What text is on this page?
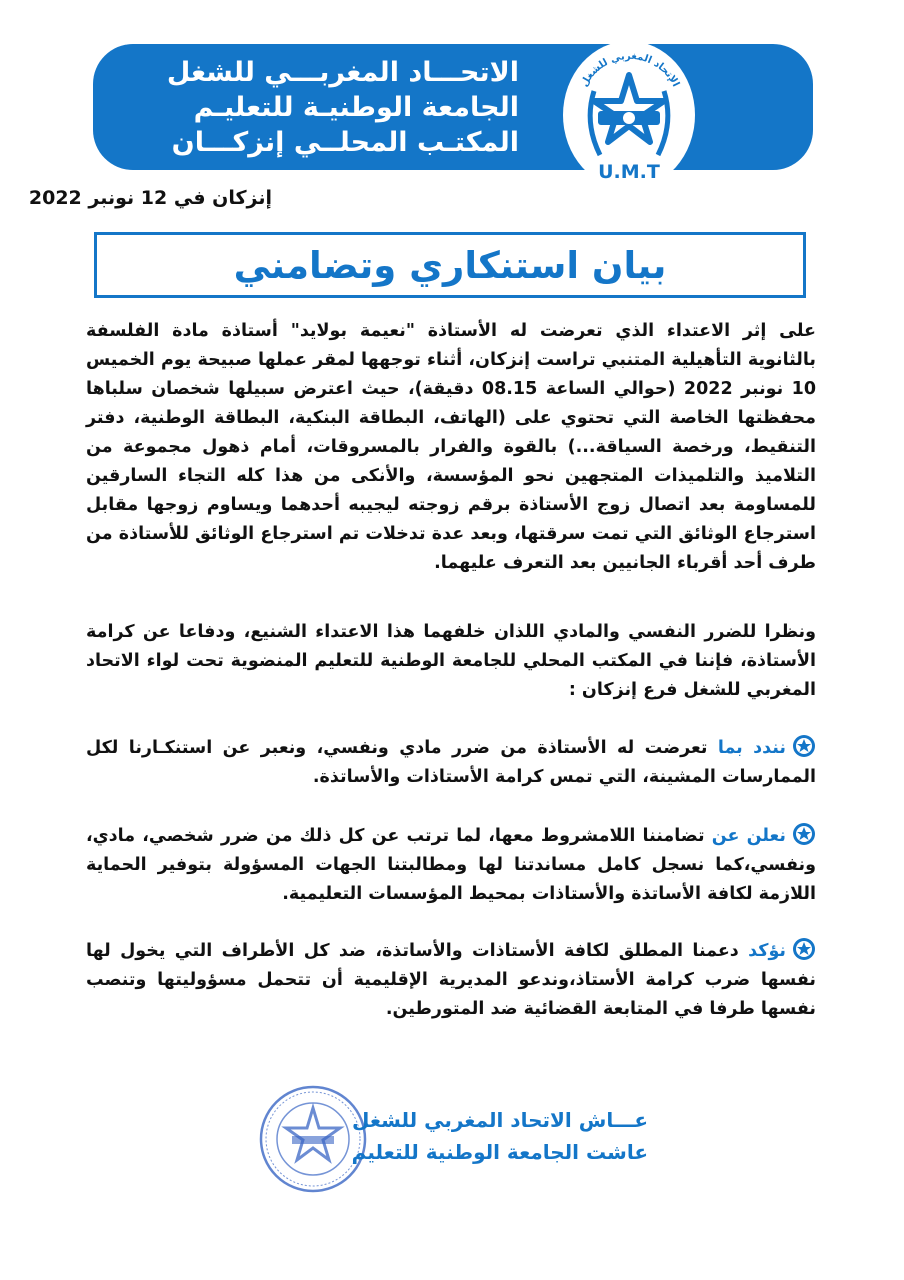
الإتحاد المغربي للشغل
U.M.T
الاتحـــاد المغربـــي للشغل
الجامعة الوطنيـة للتعليـم
المكتـب المحلــي إنزكـــان
إنزكان في 12 نونبر 2022
بيان استنكاري وتضامني
على إثر الاعتداء الذي تعرضت له الأستاذة "نعيمة بولايد" أستاذة مادة الفلسفة بالثانوية التأهيلية المتنبي تراست إنزكان، أثناء توجهها لمقر عملها صبيحة يوم الخميس 10 نونبر 2022 (حوالي الساعة 08.15 دقيقة)، حيث اعترض سبيلها شخصان سلباها محفظتها الخاصة التي تحتوي على (الهاتف، البطاقة البنكية، البطاقة الوطنية، دفتر التنقيط، ورخصة السياقة...) بالقوة والفرار بالمسروقات، أمام ذهول مجموعة من التلاميذ والتلميذات المتجهين نحو المؤسسة، والأنكى من هذا كله التجاء السارقين للمساومة بعد اتصال زوج الأستاذة برقم زوجته ليجيبه أحدهما ويساوم زوجها مقابل استرجاع الوثائق التي تمت سرقتها، وبعد عدة تدخلات تم استرجاع الوثائق للأستاذة من طرف أحد أقرباء الجانيين بعد التعرف عليهما.
ونظرا للضرر النفسي والمادي اللذان خلفهما هذا الاعتداء الشنيع، ودفاعا عن كرامة الأستاذة، فإننا في المكتب المحلي للجامعة الوطنية للتعليم المنضوية تحت لواء الاتحاد المغربي للشغل فرع إنزكان :
نندد بما تعرضت له الأستاذة من ضرر مادي ونفسي، ونعبر عن استنكـارنا لكل الممارسات المشينة، التي تمس كرامة الأستاذات والأساتذة.
نعلن عن تضامننا اللامشروط معها، لما ترتب عن كل ذلك من ضرر شخصي، مادي، ونفسي،كما نسجل كامل مساندتنا لها ومطالبتنا الجهات المسؤولة بتوفير الحماية اللازمة لكافة الأساتذة والأستاذات بمحيط المؤسسات التعليمية.
نؤكد دعمنا المطلق لكافة الأستاذات والأساتذة، ضد كل الأطراف التي يخول لها نفسها ضرب كرامة الأستاذ،وندعو المديرية الإقليمية أن تتحمل مسؤوليتها وتنصب نفسها طرفا في المتابعة القضائية ضد المتورطين.
عـــاش الاتحاد المغربي للشغل
عاشت الجامعة الوطنية للتعليم
